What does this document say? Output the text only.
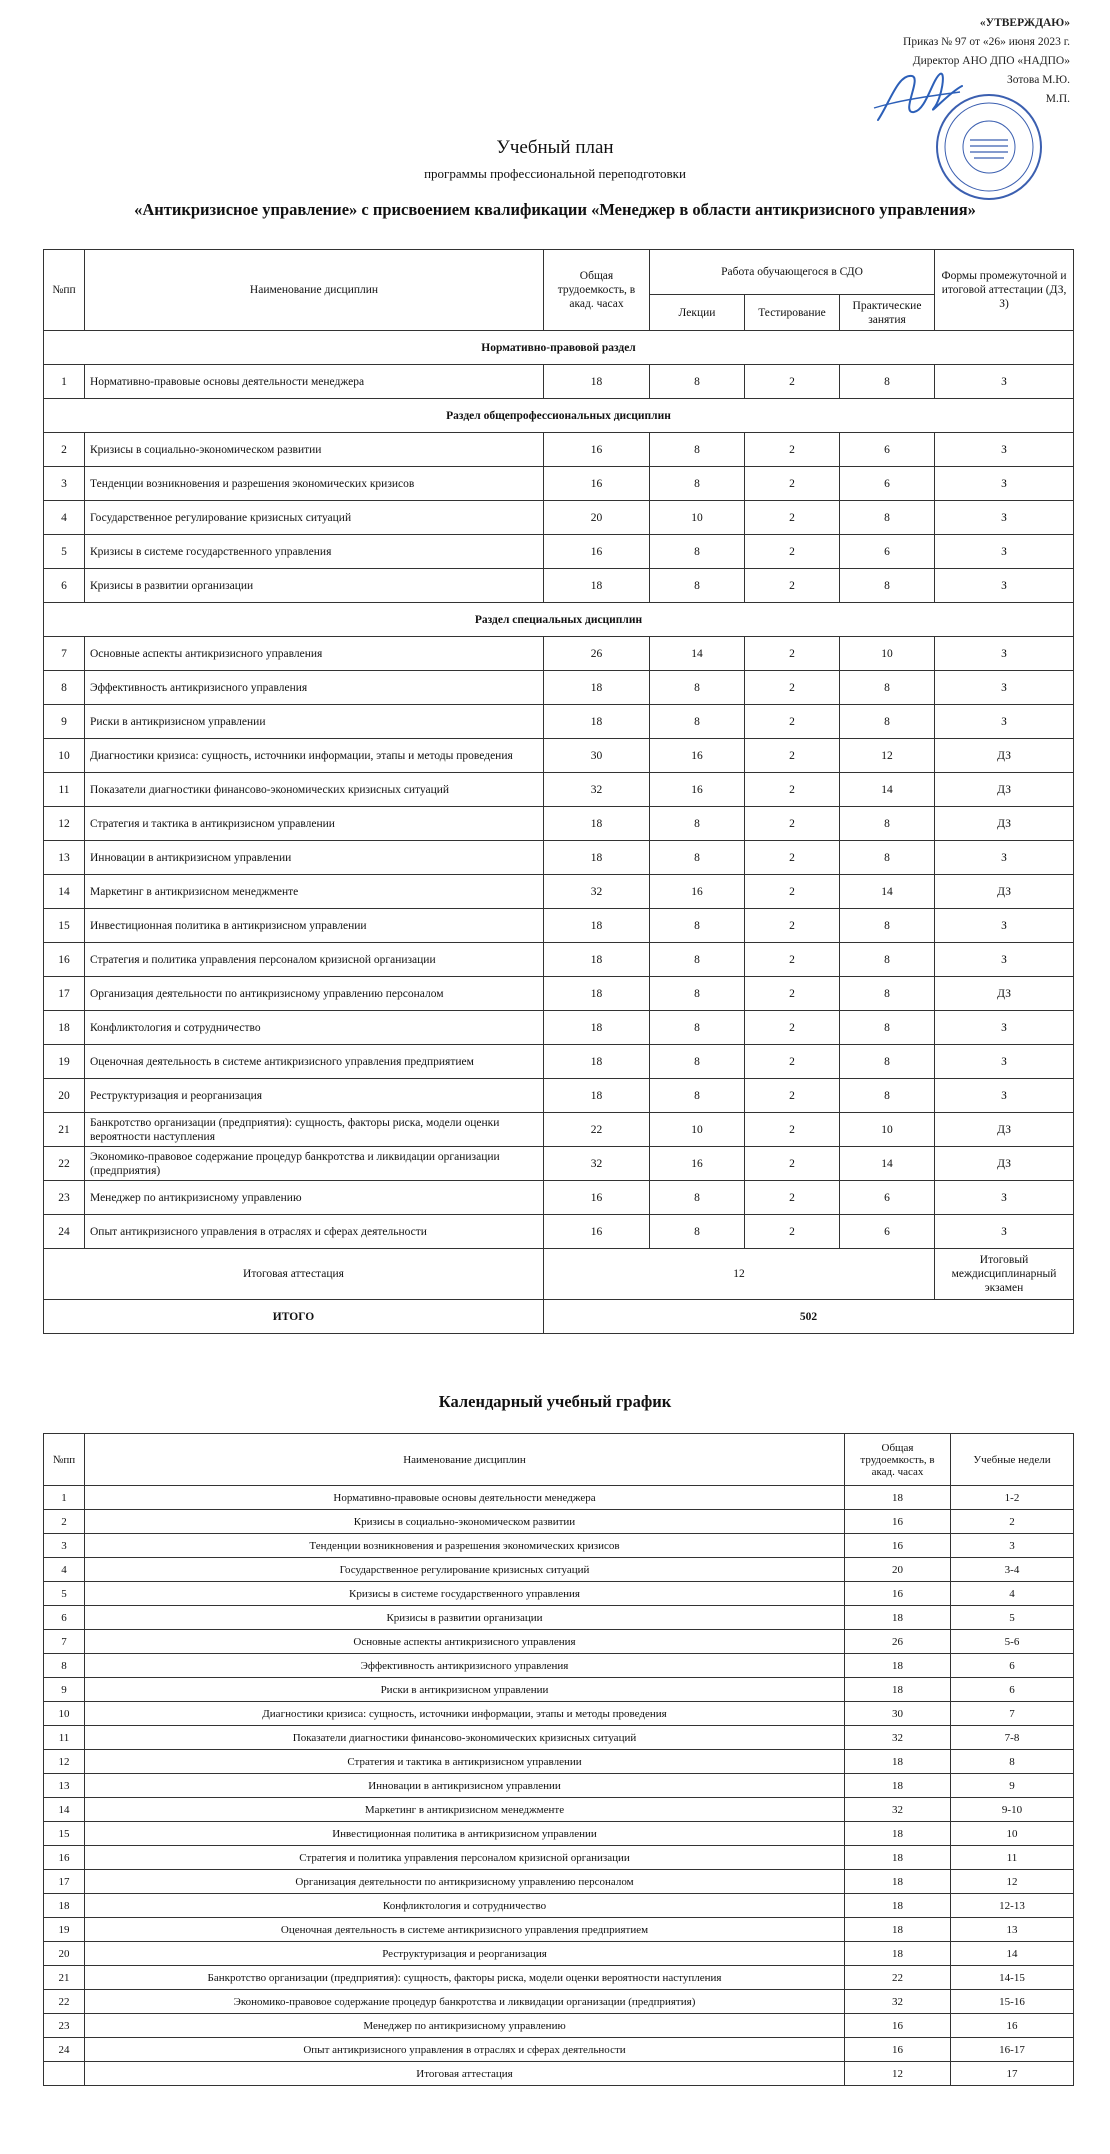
«УТВЕРЖДАЮ»
Приказ № 97 от «26» июня 2023 г.
Директор АНО ДПО «НАДПО»
Зотова М.Ю.
М.П.

Учебный план

программы профессиональной переподготовки

«Антикризисное управление» с присвоением квалификации «Менеджер в области антикризисного управления»

№пп	Наименование дисциплин	Общая трудоемкость, в акад. часах	Работа обучающегося в СДО			Формы промежуточной и итоговой аттестации (ДЗ, З)
			Лекции	Тестирование	Практические занятия	
Нормативно-правовой раздел						
1	Нормативно-правовые основы деятельности менеджера	18	8	2	8	З
Раздел общепрофессиональных дисциплин						
2	Кризисы в социально-экономическом развитии	16	8	2	6	З
3	Тенденции возникновения и разрешения экономических кризисов	16	8	2	6	З
4	Государственное регулирование кризисных ситуаций	20	10	2	8	З
5	Кризисы в системе государственного управления	16	8	2	6	З
6	Кризисы в развитии организации	18	8	2	8	З
Раздел специальных дисциплин						
7	Основные аспекты антикризисного управления	26	14	2	10	З
8	Эффективность антикризисного управления	18	8	2	8	З
9	Риски в антикризисном управлении	18	8	2	8	З
10	Диагностики кризиса: сущность, источники информации, этапы и методы проведения	30	16	2	12	ДЗ
11	Показатели диагностики финансово-экономических кризисных ситуаций	32	16	2	14	ДЗ
12	Стратегия и тактика в антикризисном управлении	18	8	2	8	ДЗ
13	Инновации в антикризисном управлении	18	8	2	8	З
14	Маркетинг в антикризисном менеджменте	32	16	2	14	ДЗ
15	Инвестиционная политика в антикризисном управлении	18	8	2	8	З
16	Стратегия и политика управления персоналом кризисной организации	18	8	2	8	З
17	Организация деятельности по антикризисному управлению персоналом	18	8	2	8	ДЗ
18	Конфликтология и сотрудничество	18	8	2	8	З
19	Оценочная деятельность в системе антикризисного управления предприятием	18	8	2	8	З
20	Реструктуризация и реорганизация	18	8	2	8	З
21	Банкротство организации (предприятия): сущность, факторы риска, модели оценки вероятности наступления	22	10	2	10	ДЗ
22	Экономико-правовое содержание процедур банкротства и ликвидации организации (предприятия)	32	16	2	14	ДЗ
23	Менеджер по антикризисному управлению	16	8	2	6	З
24	Опыт антикризисного управления в отраслях и сферах деятельности	16	8	2	6	З
Итоговая аттестация		12				Итоговый междисциплинарный экзамен
ИТОГО		502				
Календарный учебный график
№пп	Наименование дисциплин	Общая трудоемкость, в акад. часах	Учебные недели
1	Нормативно-правовые основы деятельности менеджера	18	1-2
2	Кризисы в социально-экономическом развитии	16	2
3	Тенденции возникновения и разрешения экономических кризисов	16	3
4	Государственное регулирование кризисных ситуаций	20	3-4
5	Кризисы в системе государственного управления	16	4
6	Кризисы в развитии организации	18	5
7	Основные аспекты антикризисного управления	26	5-6
8	Эффективность антикризисного управления	18	6
9	Риски в антикризисном управлении	18	6
10	Диагностики кризиса: сущность, источники информации, этапы и методы проведения	30	7
11	Показатели диагностики финансово-экономических кризисных ситуаций	32	7-8
12	Стратегия и тактика в антикризисном управлении	18	8
13	Инновации в антикризисном управлении	18	9
14	Маркетинг в антикризисном менеджменте	32	9-10
15	Инвестиционная политика в антикризисном управлении	18	10
16	Стратегия и политика управления персоналом кризисной организации	18	11
17	Организация деятельности по антикризисному управлению персоналом	18	12
18	Конфликтология и сотрудничество	18	12-13
19	Оценочная деятельность в системе антикризисного управления предприятием	18	13
20	Реструктуризация и реорганизация	18	14
21	Банкротство организации (предприятия): сущность, факторы риска, модели оценки вероятности наступления	22	14-15
22	Экономико-правовое содержание процедур банкротства и ликвидации организации (предприятия)	32	15-16
23	Менеджер по антикризисному управлению	16	16
24	Опыт антикризисного управления в отраслях и сферах деятельности	16	16-17
	Итоговая аттестация	12	17
